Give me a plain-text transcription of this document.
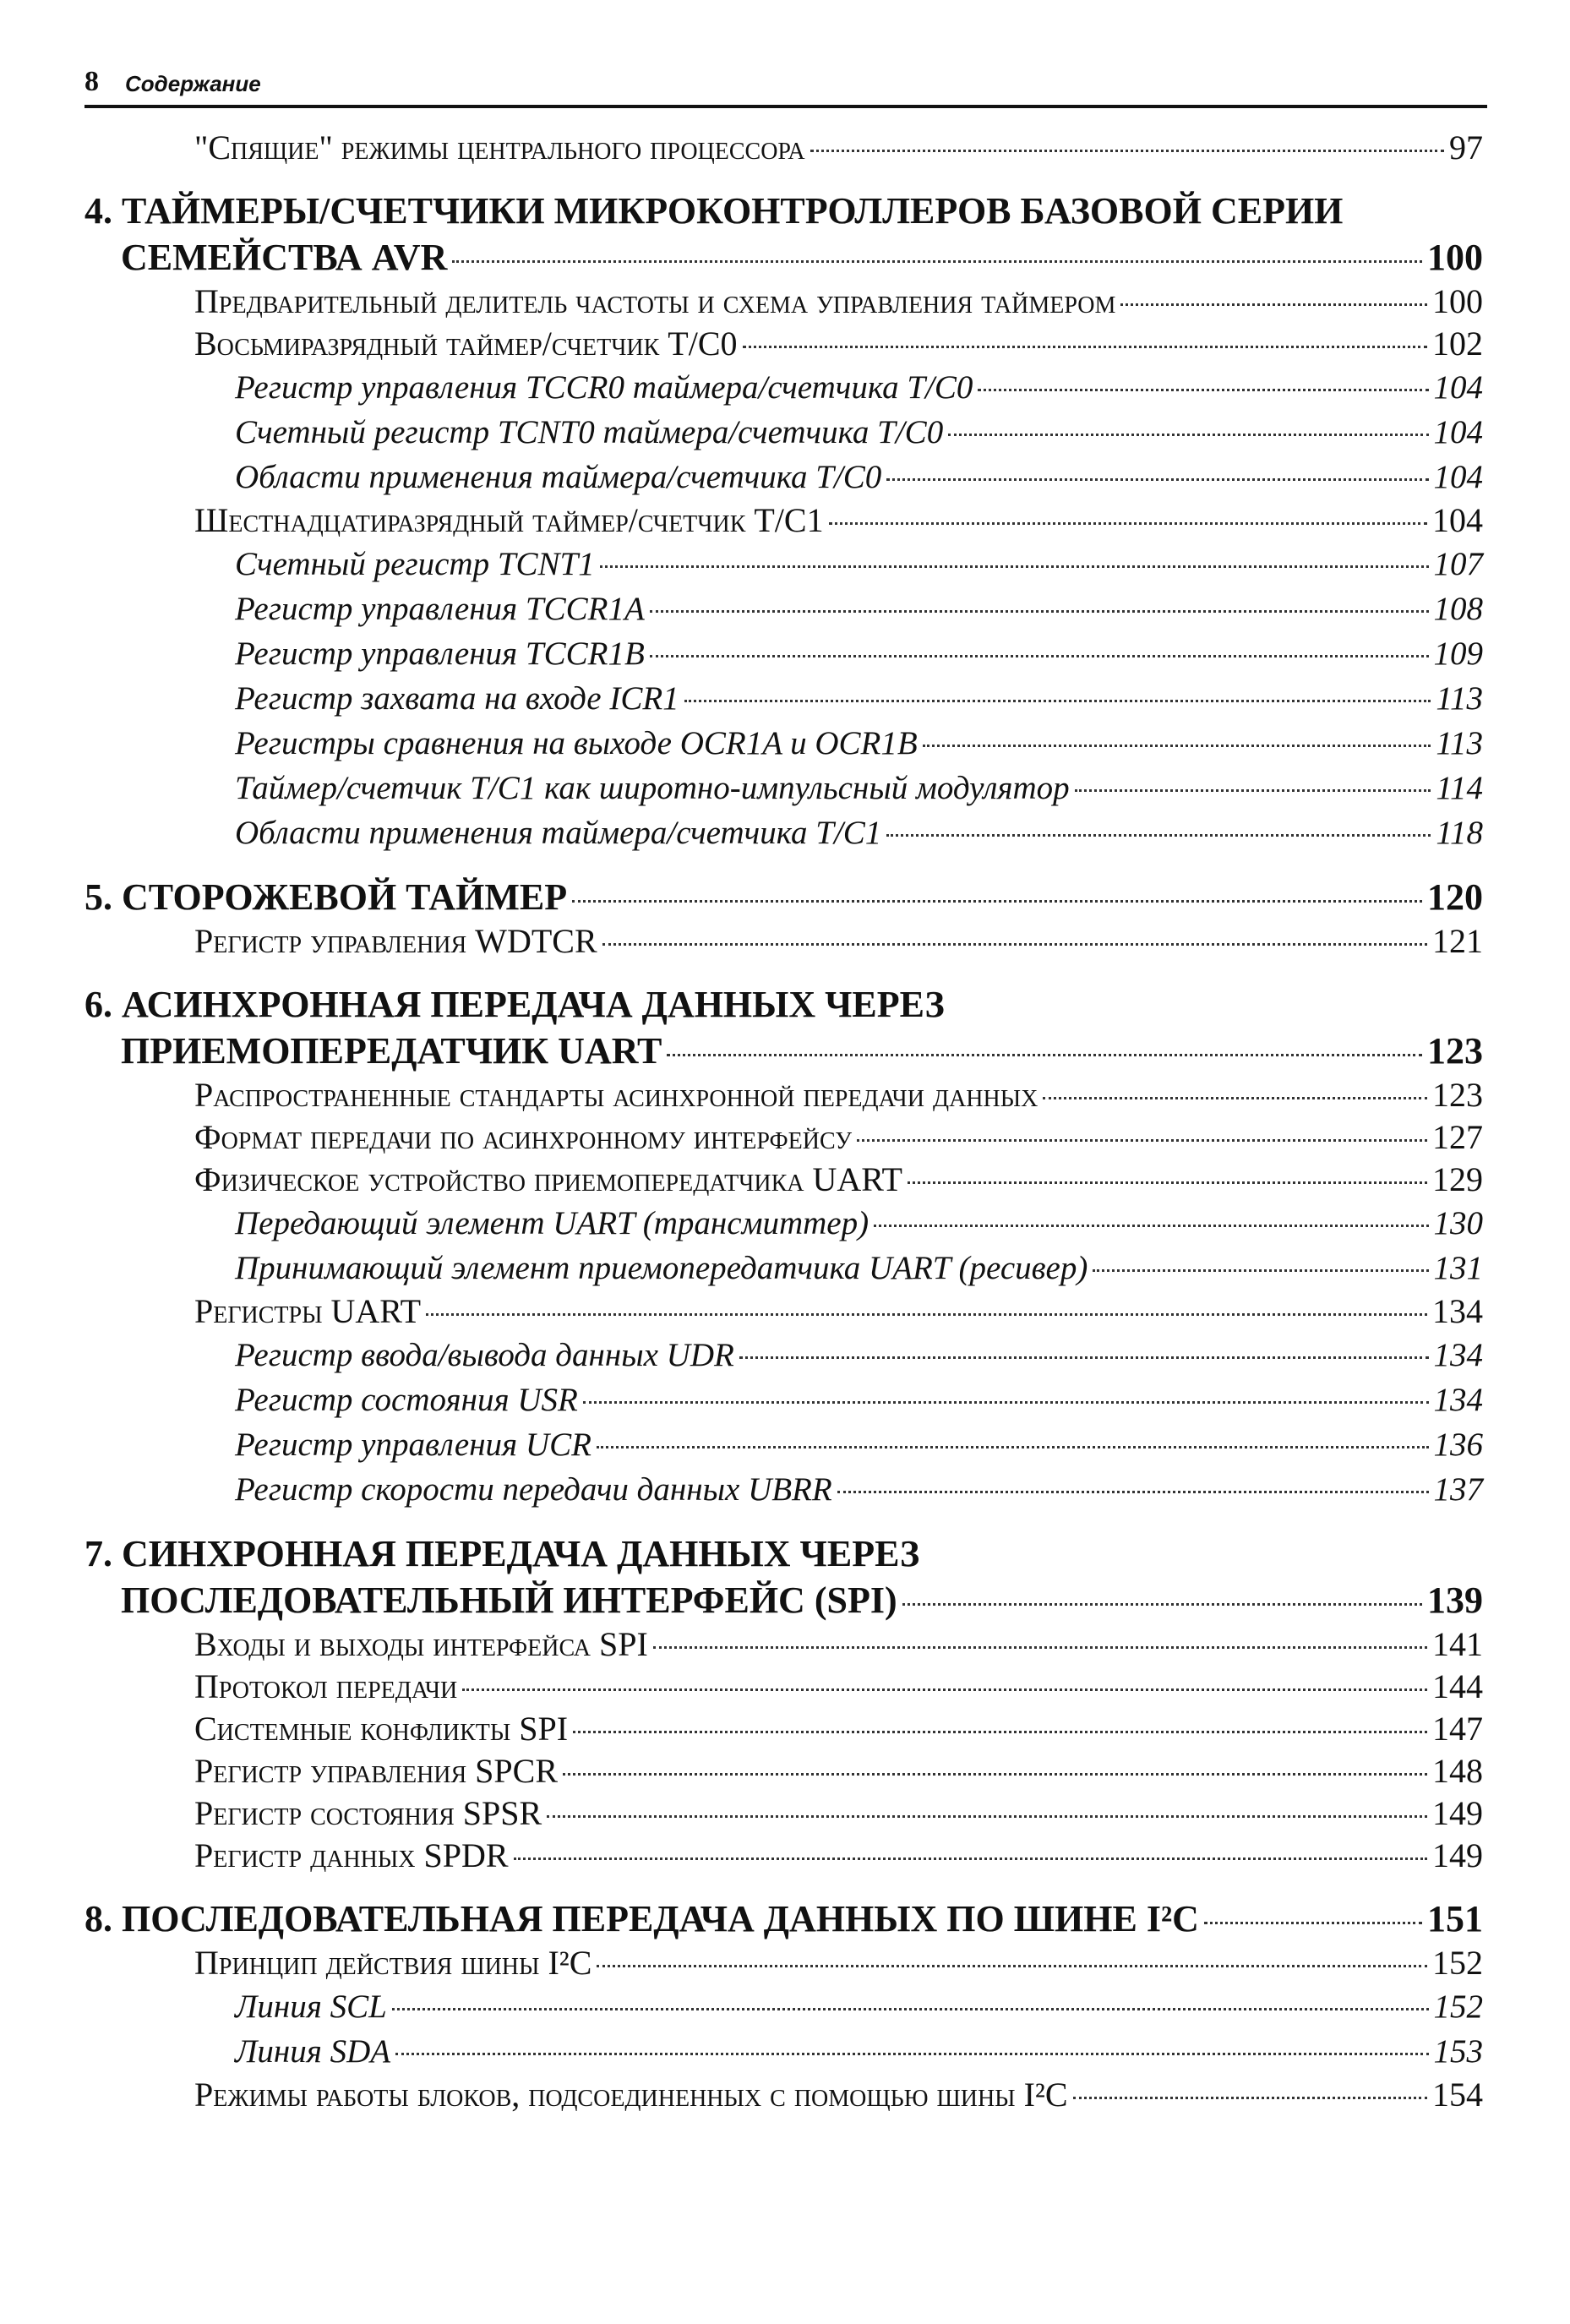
8 Содержание
"Спящие" режимы центрального процессора	97
4. ТАЙМЕРЫ/СЧЕТЧИКИ МИКРОКОНТРОЛЛЕРОВ БАЗОВОЙ СЕРИИ
СЕМЕЙСТВА AVR	100
Предварительный делитель частоты и схема управления таймером	100
Восьмиразрядный таймер/счетчик T/C0	102
Регистр управления TCCR0 таймера/счетчика T/C0	104
Счетный регистр TCNT0 таймера/счетчика T/C0	104
Области применения таймера/счетчика T/C0	104
Шестнадцатиразрядный таймер/счетчик T/C1	104
Счетный регистр TCNT1	107
Регистр управления TCCR1A	108
Регистр управления TCCR1B	109
Регистр захвата на входе ICR1	113
Регистры сравнения на выходе OCR1A и OCR1B	113
Таймер/счетчик T/C1 как широтно-импульсный модулятор	114
Области применения таймера/счетчика T/C1	118
5. СТОРОЖЕВОЙ ТАЙМЕР	120
Регистр управления WDTCR	121
6. АСИНХРОННАЯ ПЕРЕДАЧА ДАННЫХ ЧЕРЕЗ
ПРИЕМОПЕРЕДАТЧИК UART	123
Распространенные стандарты асинхронной передачи данных	123
Формат передачи по асинхронному интерфейсу	127
Физическое устройство приемопередатчика UART	129
Передающий элемент UART (трансмиттер)	130
Принимающий элемент приемопередатчика UART (ресивер)	131
Регистры UART	134
Регистр ввода/вывода данных UDR	134
Регистр состояния USR	134
Регистр управления UCR	136
Регистр скорости передачи данных UBRR	137
7. СИНХРОННАЯ ПЕРЕДАЧА ДАННЫХ ЧЕРЕЗ
ПОСЛЕДОВАТЕЛЬНЫЙ ИНТЕРФЕЙС (SPI)	139
Входы и выходы интерфейса SPI	141
Протокол передачи	144
Системные конфликты SPI	147
Регистр управления SPCR	148
Регистр состояния SPSR	149
Регистр данных SPDR	149
8. ПОСЛЕДОВАТЕЛЬНАЯ ПЕРЕДАЧА ДАННЫХ ПО ШИНЕ I²C	151
Принцип действия шины I²C	152
Линия SCL	152
Линия SDA	153
Режимы работы блоков, подсоединенных с помощью шины I²C	154
